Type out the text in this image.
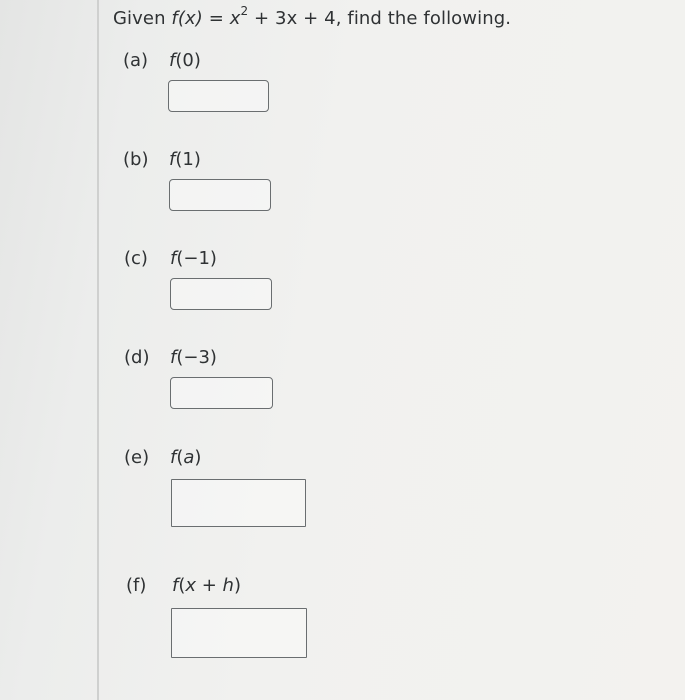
Given $f(x) = x^2 + 3x + 4$, find the following.
(a) f(0)
(b) f(1)
(c) f(−1)
(d) f(−3)
(e) f(a)
(f) f(x + h)
